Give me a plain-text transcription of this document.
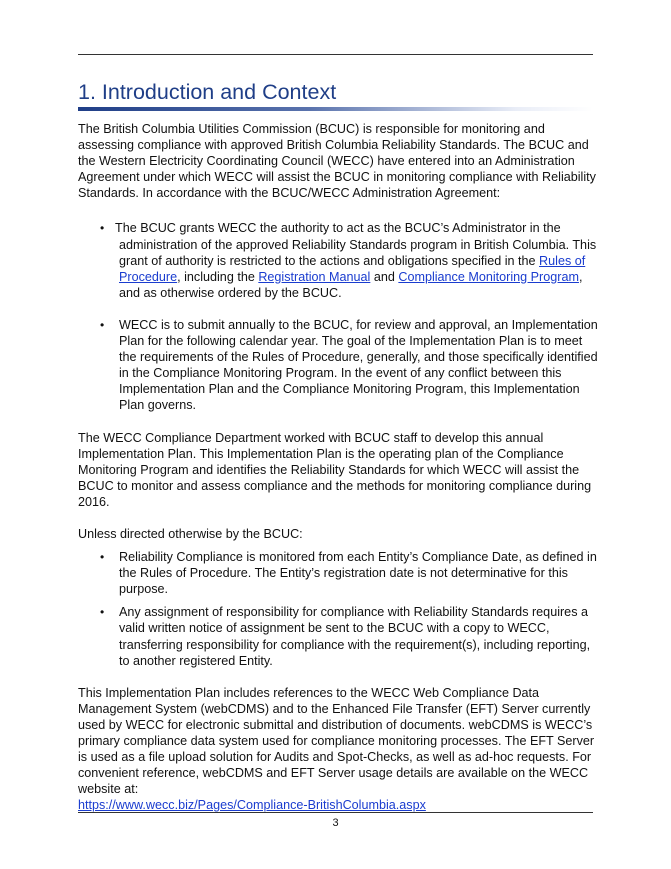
1. Introduction and Context

The British Columbia Utilities Commission (BCUC) is responsible for monitoring and assessing compliance with approved British Columbia Reliability Standards. The BCUC and the Western Electricity Coordinating Council (WECC) have entered into an Administration Agreement under which WECC will assist the BCUC in monitoring compliance with Reliability Standards. In accordance with the BCUC/WECC Administration Agreement:

• The BCUC grants WECC the authority to act as the BCUC’s Administrator in the administration of the approved Reliability Standards program in British Columbia. This grant of authority is restricted to the actions and obligations specified in the Rules of Procedure, including the Registration Manual and Compliance Monitoring Program, and as otherwise ordered by the BCUC.
• WECC is to submit annually to the BCUC, for review and approval, an Implementation Plan for the following calendar year. The goal of the Implementation Plan is to meet the requirements of the Rules of Procedure, generally, and those specifically identified in the Compliance Monitoring Program. In the event of any conflict between this Implementation Plan and the Compliance Monitoring Program, this Implementation Plan governs.

The WECC Compliance Department worked with BCUC staff to develop this annual Implementation Plan. This Implementation Plan is the operating plan of the Compliance Monitoring Program and identifies the Reliability Standards for which WECC will assist the BCUC to monitor and assess compliance and the methods for monitoring compliance during 2016.

Unless directed otherwise by the BCUC:

• Reliability Compliance is monitored from each Entity’s Compliance Date, as defined in the Rules of Procedure. The Entity’s registration date is not determinative for this purpose.
• Any assignment of responsibility for compliance with Reliability Standards requires a valid written notice of assignment be sent to the BCUC with a copy to WECC, transferring responsibility for compliance with the requirement(s), including reporting, to another registered Entity.

This Implementation Plan includes references to the WECC Web Compliance Data Management System (webCDMS) and to the Enhanced File Transfer (EFT) Server currently used by WECC for electronic submittal and distribution of documents. webCDMS is WECC’s primary compliance data system used for compliance monitoring processes. The EFT Server is used as a file upload solution for Audits and Spot-Checks, as well as ad-hoc requests. For convenient reference, webCDMS and EFT Server usage details are available on the WECC website at:
https://www.wecc.biz/Pages/Compliance-BritishColumbia.aspx

3
